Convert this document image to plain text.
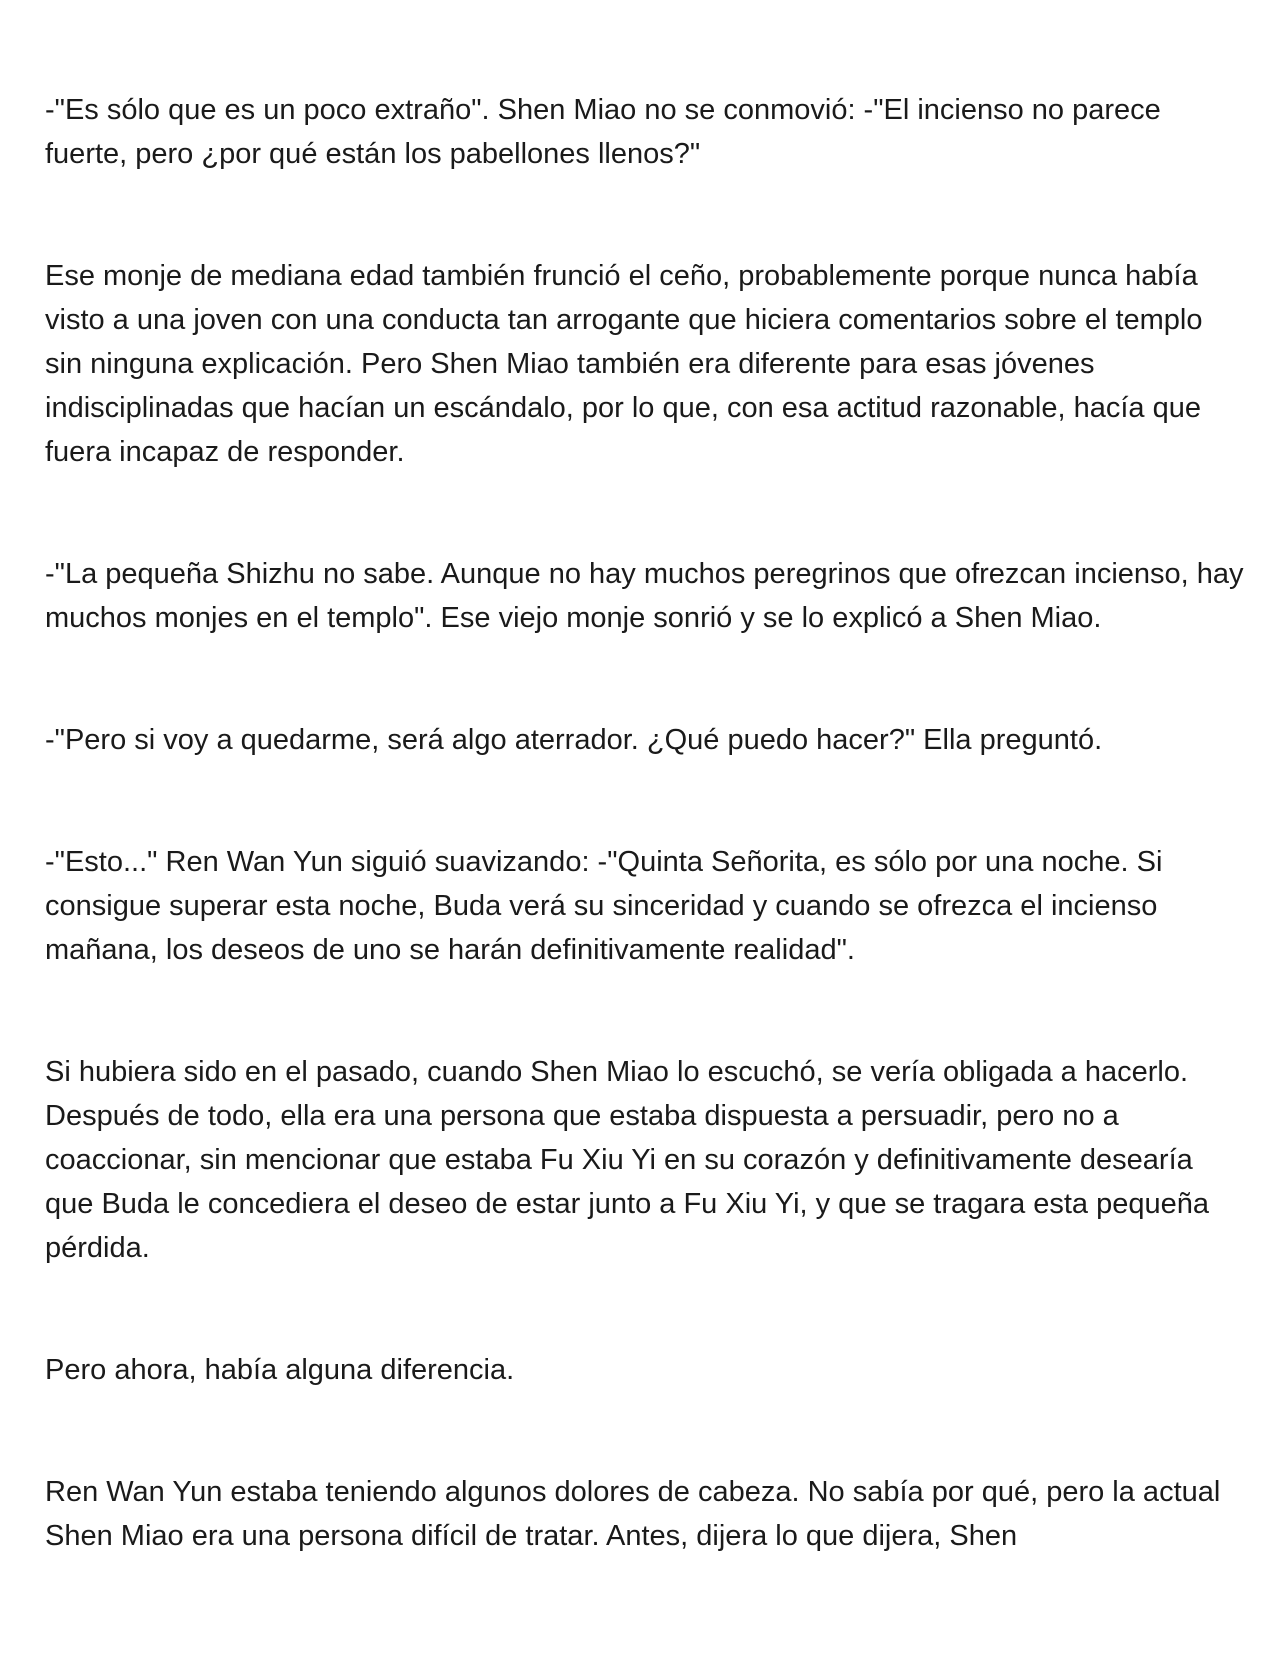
-"Es sólo que es un poco extraño". Shen Miao no se conmovió: -"El incienso no parece fuerte, pero ¿por qué están los pabellones llenos?"

Ese monje de mediana edad también frunció el ceño, probablemente porque nunca había visto a una joven con una conducta tan arrogante que hiciera comentarios sobre el templo sin ninguna explicación. Pero Shen Miao también era diferente para esas jóvenes indisciplinadas que hacían un escándalo, por lo que, con esa actitud razonable, hacía que fuera incapaz de responder.

-"La pequeña Shizhu no sabe. Aunque no hay muchos peregrinos que ofrezcan incienso, hay muchos monjes en el templo". Ese viejo monje sonrió y se lo explicó a Shen Miao.

-"Pero si voy a quedarme, será algo aterrador. ¿Qué puedo hacer?" Ella preguntó.

-"Esto..." Ren Wan Yun siguió suavizando: -"Quinta Señorita, es sólo por una noche. Si consigue superar esta noche, Buda verá su sinceridad y cuando se ofrezca el incienso mañana, los deseos de uno se harán definitivamente realidad".

Si hubiera sido en el pasado, cuando Shen Miao lo escuchó, se vería obligada a hacerlo. Después de todo, ella era una persona que estaba dispuesta a persuadir, pero no a coaccionar, sin mencionar que estaba Fu Xiu Yi en su corazón y definitivamente desearía que Buda le concediera el deseo de estar junto a Fu Xiu Yi, y que se tragara esta pequeña pérdida.

Pero ahora, había alguna diferencia.

Ren Wan Yun estaba teniendo algunos dolores de cabeza. No sabía por qué, pero la actual Shen Miao era una persona difícil de tratar. Antes, dijera lo que dijera, Shen
